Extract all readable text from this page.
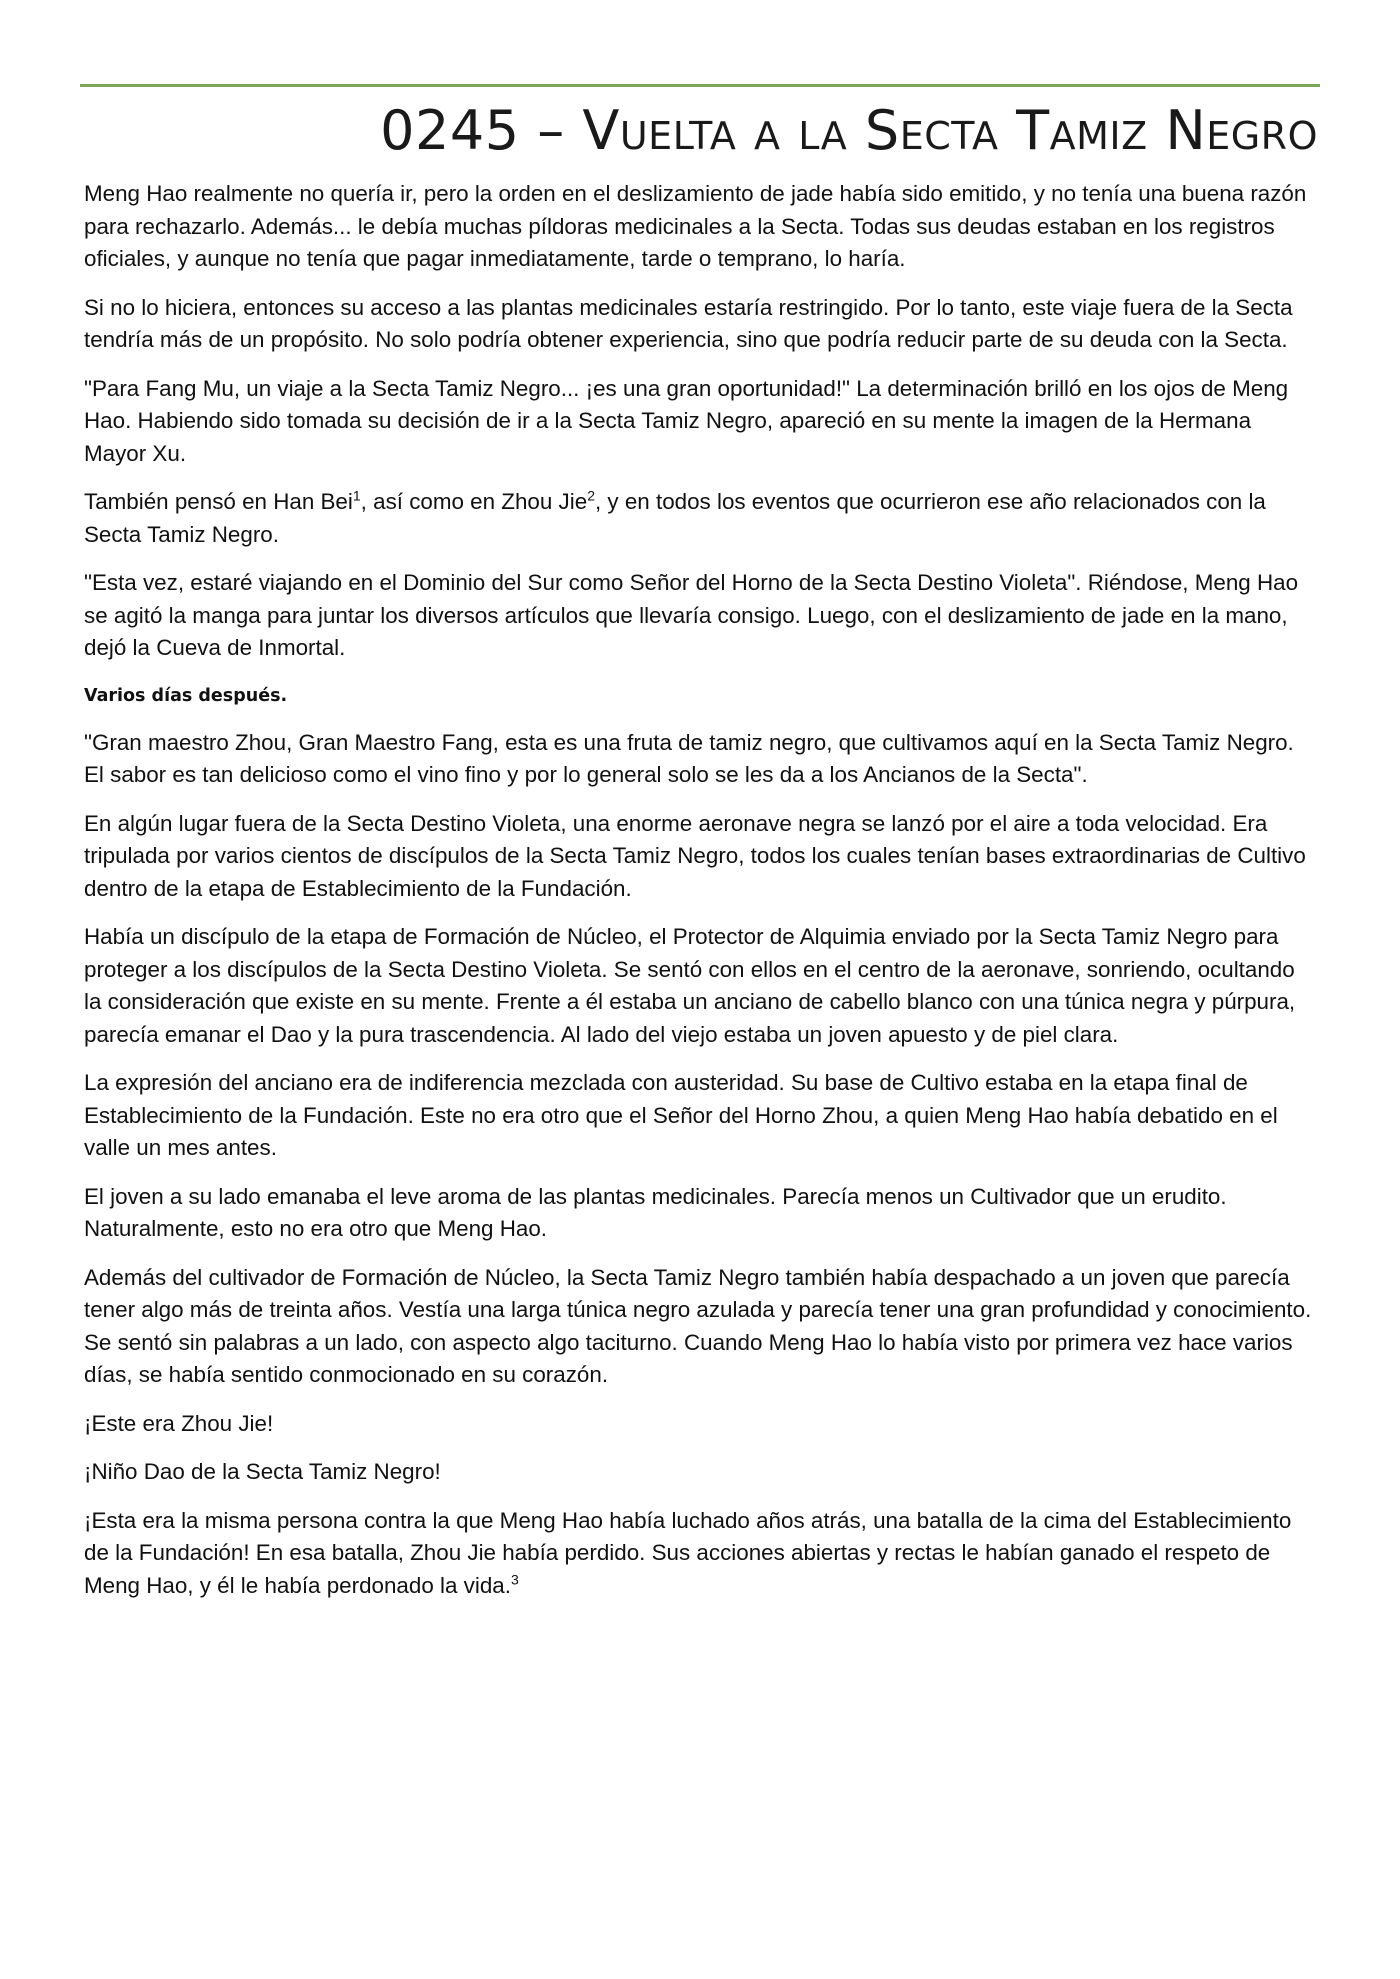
0245 – Vuelta a la Secta Tamiz Negro

Meng Hao realmente no quería ir, pero la orden en el deslizamiento de jade había sido emitido, y no tenía una buena razón para rechazarlo. Además... le debía muchas píldoras medicinales a la Secta. Todas sus deudas estaban en los registros oficiales, y aunque no tenía que pagar inmediatamente, tarde o temprano, lo haría.

Si no lo hiciera, entonces su acceso a las plantas medicinales estaría restringido. Por lo tanto, este viaje fuera de la Secta tendría más de un propósito. No solo podría obtener experiencia, sino que podría reducir parte de su deuda con la Secta.

"Para Fang Mu, un viaje a la Secta Tamiz Negro... ¡es una gran oportunidad!" La determinación brilló en los ojos de Meng Hao. Habiendo sido tomada su decisión de ir a la Secta Tamiz Negro, apareció en su mente la imagen de la Hermana Mayor Xu.

También pensó en Han Bei$^1$, así como en Zhou Jie$^2$, y en todos los eventos que ocurrieron ese año relacionados con la Secta Tamiz Negro.

"Esta vez, estaré viajando en el Dominio del Sur como Señor del Horno de la Secta Destino Violeta". Riéndose, Meng Hao se agitó la manga para juntar los diversos artículos que llevaría consigo. Luego, con el deslizamiento de jade en la mano, dejó la Cueva de Inmortal.

Varios días después.

"Gran maestro Zhou, Gran Maestro Fang, esta es una fruta de tamiz negro, que cultivamos aquí en la Secta Tamiz Negro. El sabor es tan delicioso como el vino fino y por lo general solo se les da a los Ancianos de la Secta".

En algún lugar fuera de la Secta Destino Violeta, una enorme aeronave negra se lanzó por el aire a toda velocidad. Era tripulada por varios cientos de discípulos de la Secta Tamiz Negro, todos los cuales tenían bases extraordinarias de Cultivo dentro de la etapa de Establecimiento de la Fundación.

Había un discípulo de la etapa de Formación de Núcleo, el Protector de Alquimia enviado por la Secta Tamiz Negro para proteger a los discípulos de la Secta Destino Violeta. Se sentó con ellos en el centro de la aeronave, sonriendo, ocultando la consideración que existe en su mente. Frente a él estaba un anciano de cabello blanco con una túnica negra y púrpura, parecía emanar el Dao y la pura trascendencia. Al lado del viejo estaba un joven apuesto y de piel clara.

La expresión del anciano era de indiferencia mezclada con austeridad. Su base de Cultivo estaba en la etapa final de Establecimiento de la Fundación. Este no era otro que el Señor del Horno Zhou, a quien Meng Hao había debatido en el valle un mes antes.

El joven a su lado emanaba el leve aroma de las plantas medicinales. Parecía menos un Cultivador que un erudito. Naturalmente, esto no era otro que Meng Hao.

Además del cultivador de Formación de Núcleo, la Secta Tamiz Negro también había despachado a un joven que parecía tener algo más de treinta años. Vestía una larga túnica negro azulada y parecía tener una gran profundidad y conocimiento. Se sentó sin palabras a un lado, con aspecto algo taciturno. Cuando Meng Hao lo había visto por primera vez hace varios días, se había sentido conmocionado en su corazón.

¡Este era Zhou Jie!

¡Niño Dao de la Secta Tamiz Negro!

¡Esta era la misma persona contra la que Meng Hao había luchado años atrás, una batalla de la cima del Establecimiento de la Fundación! En esa batalla, Zhou Jie había perdido. Sus acciones abiertas y rectas le habían ganado el respeto de Meng Hao, y él le había perdonado la vida.$^3$
